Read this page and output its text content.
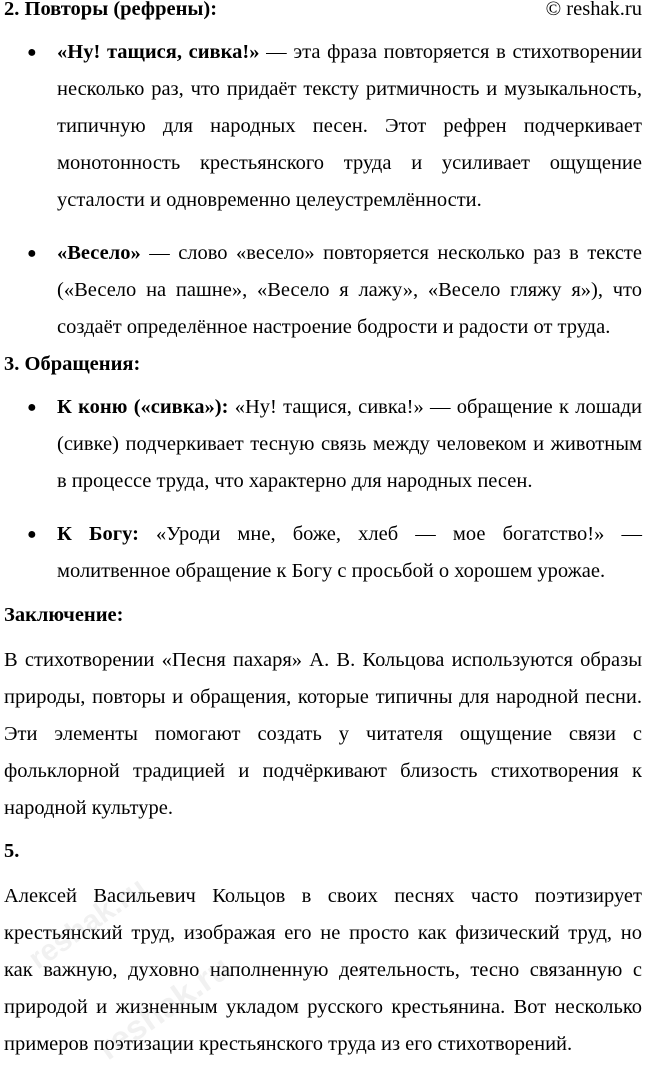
© reshak.ru

2. Повторы (рефрены):

● «Ну! тащися, сивка!» — эта фраза повторяется в стихотворении несколько раз, что придаёт тексту ритмичность и музыкальность, типичную для народных песен. Этот рефрен подчеркивает монотонность крестьянского труда и усиливает ощущение усталости и одновременно целеустремлённости.
● «Весело» — слово «весело» повторяется несколько раз в тексте («Весело на пашне», «Весело я лажу», «Весело гляжу я»), что создаёт определённое настроение бодрости и радости от труда.

3. Обращения:

● К коню («сивка»): «Ну! тащися, сивка!» — обращение к лошади (сивке) подчеркивает тесную связь между человеком и животным в процессе труда, что характерно для народных песен.
● К Богу: «Уроди мне, боже, хлеб — мое богатство!» — молитвенное обращение к Богу с просьбой о хорошем урожае.

Заключение:

В стихотворении «Песня пахаря» А. В. Кольцова используются образы природы, повторы и обращения, которые типичны для народной песни. Эти элементы помогают создать у читателя ощущение связи с фольклорной традицией и подчёркивают близость стихотворения к народной культуре.

5.

Алексей Васильевич Кольцов в своих песнях часто поэтизирует крестьянский труд, изображая его не просто как физический труд, но как важную, духовно наполненную деятельность, тесно связанную с природой и жизненным укладом русского крестьянина. Вот несколько примеров поэтизации крестьянского труда из его стихотворений.

reshak.ru
reshak.ru
